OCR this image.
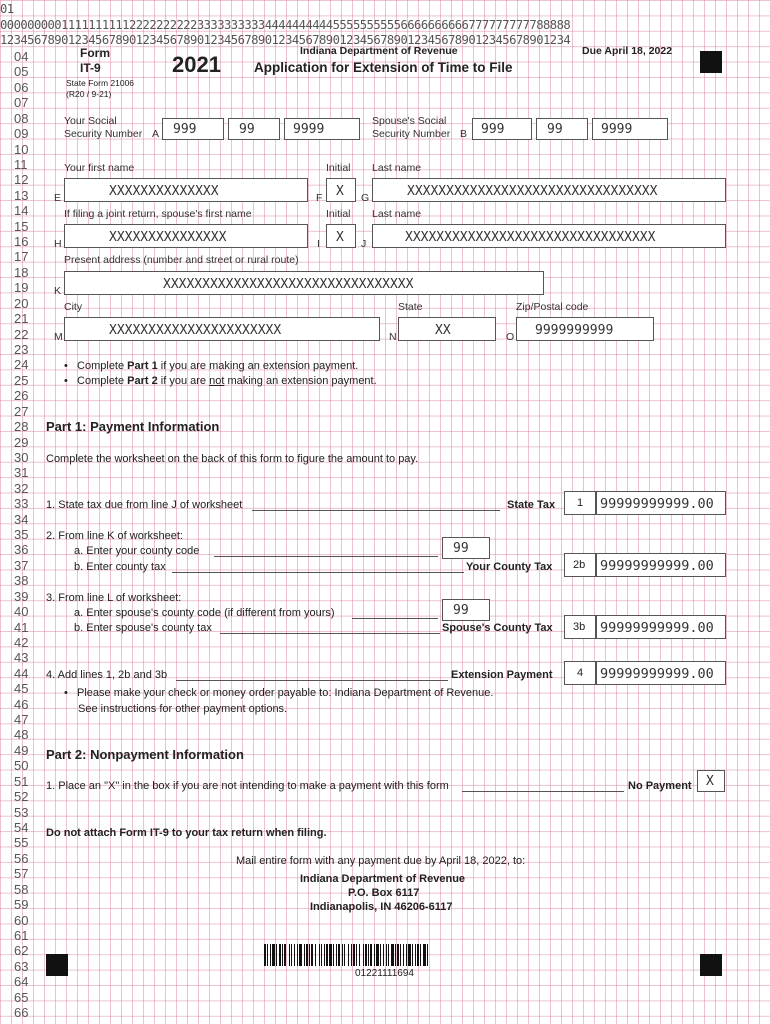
01
000000000111111111122222222223333333333444444444455555555556666666666777777777788888
123456789012345678901234567890123456789012345678901234567890123456789012345678901234
04
05
06
07
08
09
10
11
12
13
14
15
16
17
18
19
20
21
22
23
24
25
26
27
28
29
30
31
32
33
34
35
36
37
38
39
40
41
42
43
44
45
46
47
48
49
50
51
52
53
54
55
56
57
58
59
60
61
62
63
64
65
66
Form
IT-9	2021
Indiana Department of Revenue
Application for Extension of Time to File
Due April 18, 2022
State Form 21006
(R20 / 9-21)
Your Social
Security Number A 999	99	9999
Spouse's Social
Security Number B 999	99	9999
Your first name	Initial Last name
E	XXXXXXXXXXXXXX	F X G	XXXXXXXXXXXXXXXXXXXXXXXXXXXXXXXX
If filing a joint return, spouse's first name	Initial Last name
H	XXXXXXXXXXXXXXX	I X J	XXXXXXXXXXXXXXXXXXXXXXXXXXXXXXXX
Present address (number and street or rural route)
K	XXXXXXXXXXXXXXXXXXXXXXXXXXXXXXXX
City	State	Zip/Postal code
M	XXXXXXXXXXXXXXXXXXXXXX	N	XX	O 9999999999
•   Complete Part 1 if you are making an extension payment.
•   Complete Part 2 if you are not making an extension payment.
Part 1: Payment Information
Complete the worksheet on the back of this form to figure the amount to pay.
1. State tax due from line J of worksheet	State Tax 1 99999999999.00
2. From line K of worksheet:
a. Enter your county code	99
b. Enter county tax	Your County Tax 2b 99999999999.00
3. From line L of worksheet:
a. Enter spouse's county code (if different from yours)	99
b. Enter spouse's county tax	Spouse's County Tax 3b 99999999999.00
4. Add lines 1, 2b and 3b	Extension Payment 4 99999999999.00
•   Please make your check or money order payable to: Indiana Department of Revenue.
See instructions for other payment options.
Part 2: Nonpayment Information
1. Place an "X" in the box if you are not intending to make a payment with this form	No Payment X
Do not attach Form IT-9 to your tax return when filing.
Mail entire form with any payment due by April 18, 2022, to:
Indiana Department of Revenue
P.O. Box 6117
Indianapolis, IN 46206-6117
01221111694
